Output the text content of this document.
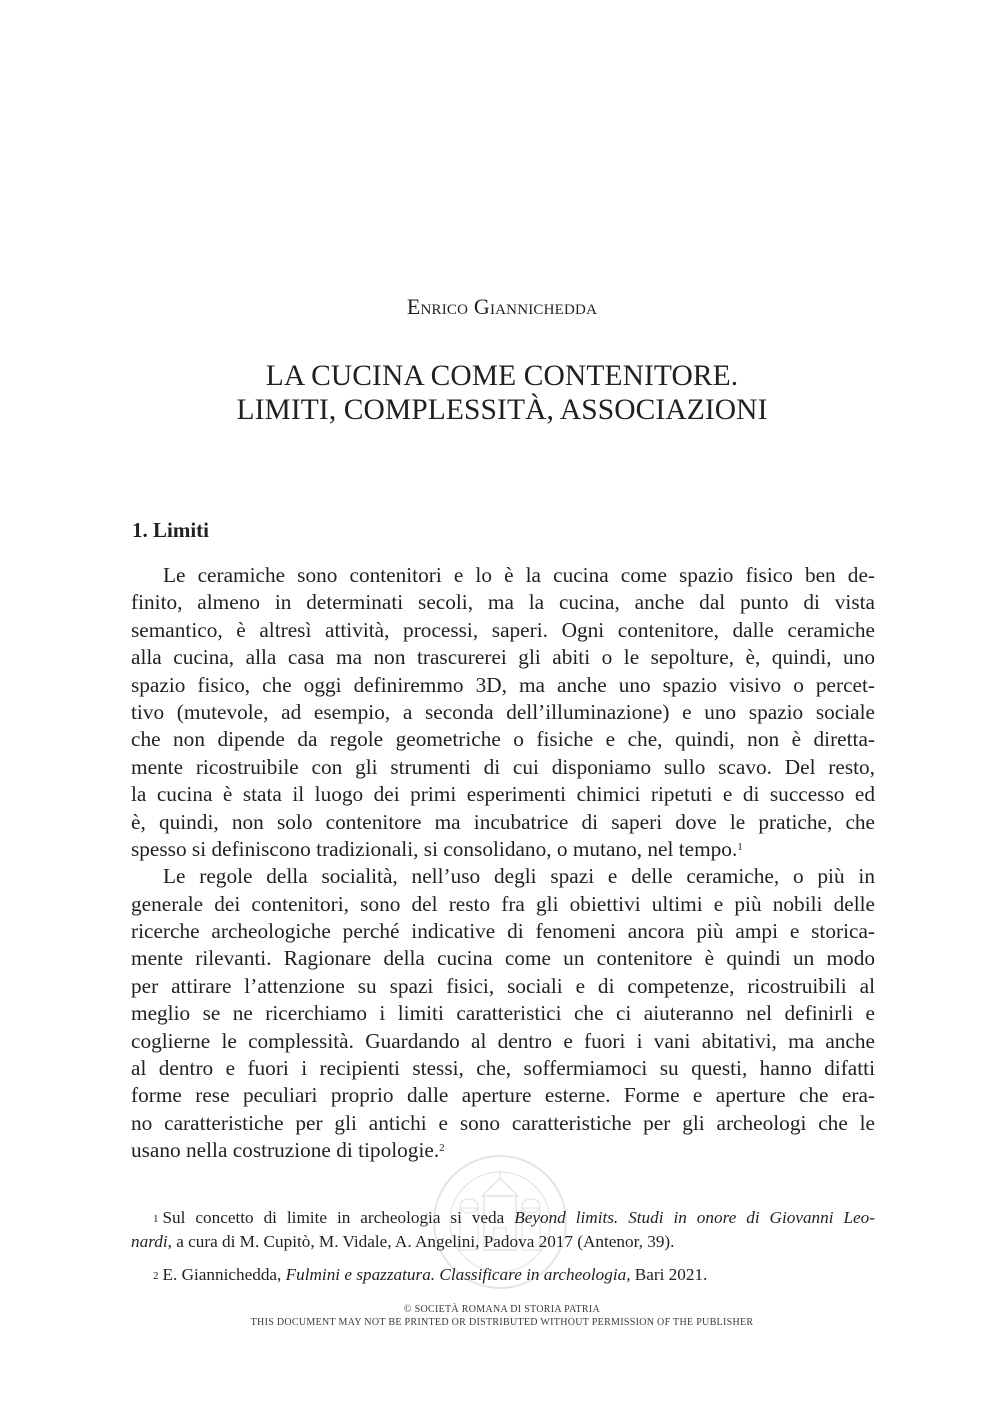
Enrico Giannichedda
LA CUCINA COME CONTENITORE.
LIMITI, COMPLESSITÀ, ASSOCIAZIONI
1. Limiti
Le ceramiche sono contenitori e lo è la cucina come spazio fisico ben de-
finito, almeno in determinati secoli, ma la cucina, anche dal punto di vista
semantico, è altresì attività, processi, saperi. Ogni contenitore, dalle ceramiche
alla cucina, alla casa ma non trascurerei gli abiti o le sepolture, è, quindi, uno
spazio fisico, che oggi definiremmo 3D, ma anche uno spazio visivo o percet-
tivo (mutevole, ad esempio, a seconda dell’illuminazione) e uno spazio sociale
che non dipende da regole geometriche o fisiche e che, quindi, non è diretta-
mente ricostruibile con gli strumenti di cui disponiamo sullo scavo. Del resto,
la cucina è stata il luogo dei primi esperimenti chimici ripetuti e di successo ed
è, quindi, non solo contenitore ma incubatrice di saperi dove le pratiche, che
spesso si definiscono tradizionali, si consolidano, o mutano, nel tempo.$^1$
Le regole della socialità, nell’uso degli spazi e delle ceramiche, o più in
generale dei contenitori, sono del resto fra gli obiettivi ultimi e più nobili delle
ricerche archeologiche perché indicative di fenomeni ancora più ampi e storica-
mente rilevanti. Ragionare della cucina come un contenitore è quindi un modo
per attirare l’attenzione su spazi fisici, sociali e di competenze, ricostruibili al
meglio se ne ricerchiamo i limiti caratteristici che ci aiuteranno nel definirli e
coglierne le complessità. Guardando al dentro e fuori i vani abitativi, ma anche
al dentro e fuori i recipienti stessi, che, soffermiamoci su questi, hanno difatti
forme rese peculiari proprio dalle aperture esterne. Forme e aperture che era-
no caratteristiche per gli antichi e sono caratteristiche per gli archeologi che le
usano nella costruzione di tipologie.$^2$
$^1$ Sul concetto di limite in archeologia si veda Beyond limits. Studi in onore di Giovanni Leo-
nardi, a cura di M. Cupitò, M. Vidale, A. Angelini, Padova 2017 (Antenor, 39).
$^2$ E. Giannichedda, Fulmini e spazzatura. Classificare in archeologia, Bari 2021.
© SOCIETÀ ROMANA DI STORIA PATRIA
THIS DOCUMENT MAY NOT BE PRINTED OR DISTRIBUTED WITHOUT PERMISSION OF THE PUBLISHER
